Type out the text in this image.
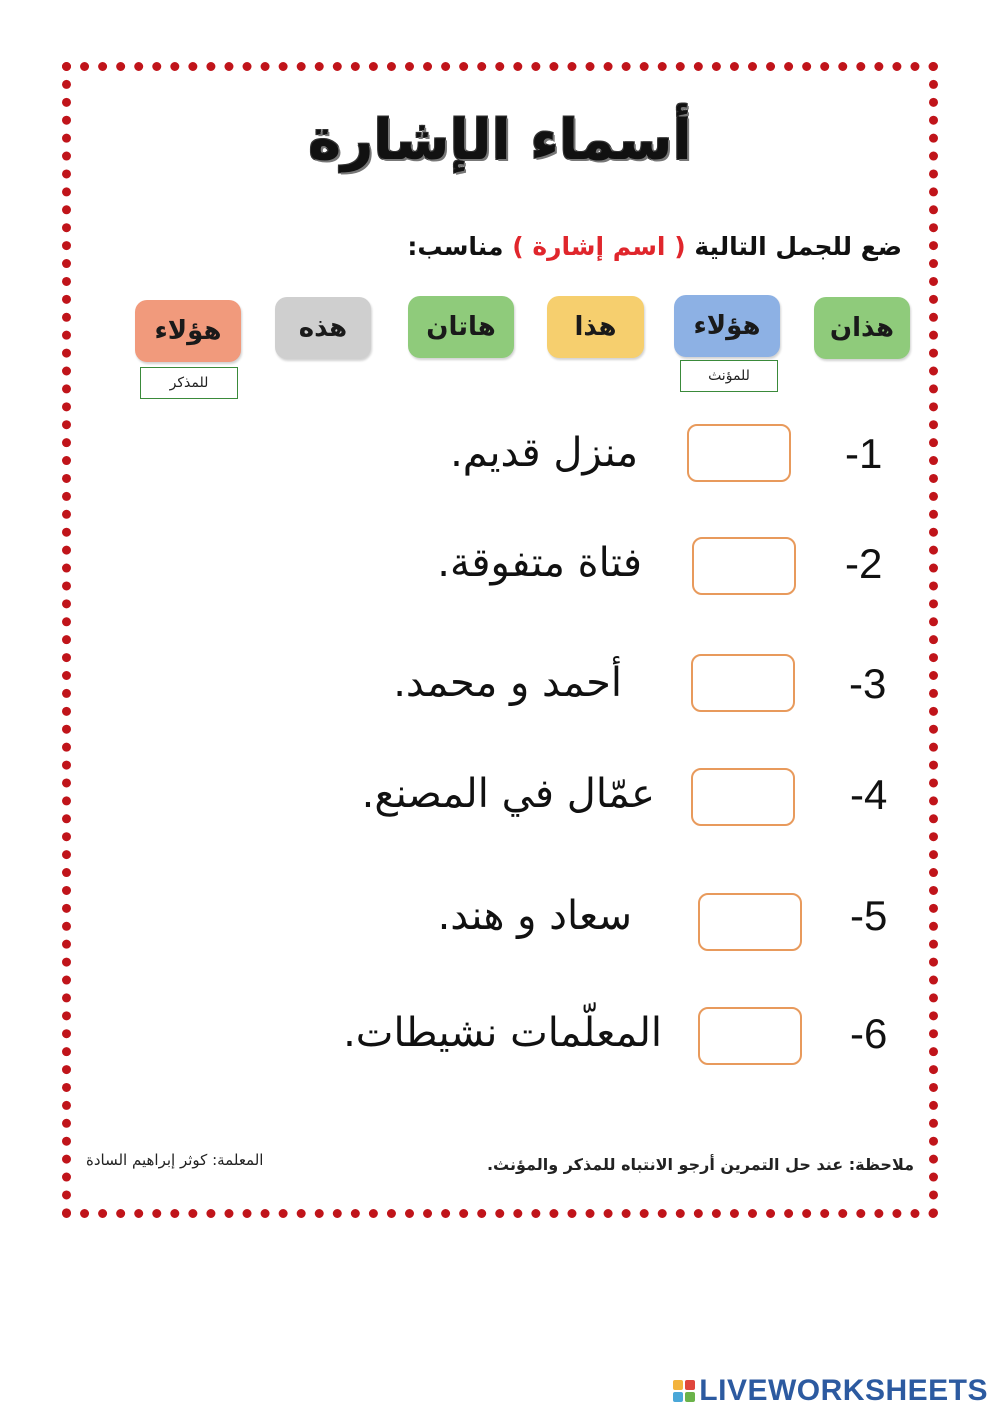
أسماء الإشارة
ضع للجمل التالية ( اسم إشارة ) مناسب:
هذان
هؤلاء
هذا
هاتان
هذه
هؤلاء
للمؤنث
للمذكر
-1
منزل قديم.
-2
فتاة متفوقة.
-3
أحمد و محمد.
-4
عمّال في المصنع.
-5
سعاد و هند.
-6
المعلّمات نشيطات.
ملاحظة: عند حل التمرين أرجو الانتباه للمذكر والمؤنث.
المعلمة: كوثر إبراهيم السادة
LIVEWORKSHEETS
